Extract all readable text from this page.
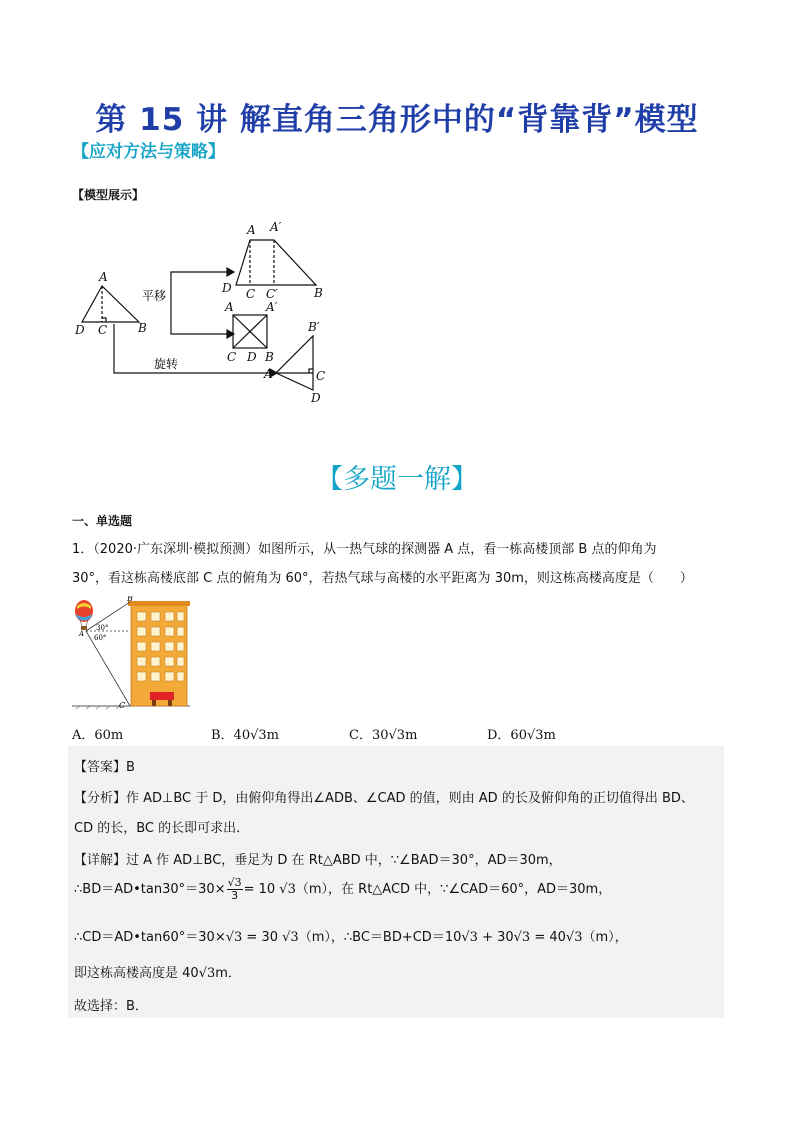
第 15 讲 解直角三角形中的“背靠背”模型
【应对方法与策略】
【模型展示】
A
D C	B
A A′
D C C′	B
A	A′
C D B
B′
A	C
D
平移
旋转
【多题一解】
一、单选题
1．（2020·广东深圳·模拟预测）如图所示，从一热气球的探测器 A 点，看一栋高楼顶部 B 点的仰角为
30°，看这栋高楼底部 C 点的俯角为 60°，若热气球与高楼的水平距离为 30m，则这栋高楼高度是（　　）
B
A
C
30°
60°
A．60m	B．40√3m	C．30√3m	D．60√3m
【答案】B
【分析】作 AD⊥BC 于 D，由俯仰角得出∠ADB、∠CAD 的值，则由 AD 的长及俯仰角的正切值得出 BD、
CD 的长，BC 的长即可求出．
【详解】过 A 作 AD⊥BC，垂足为 D 在 Rt△ABD 中，∵∠BAD＝30°，AD＝30m，
∴BD＝AD•tan30°＝30× $\frac{√3}{3} = 10$ √3（m），在 Rt△ACD 中，∵∠CAD＝60°，AD＝30m，
∴CD＝AD•tan60°＝30×√3 = 30 √3（m），∴BC＝BD+CD＝10√3 + 30√3 = 40√3（m），
即这栋高楼高度是 40√3m．
故选择：B．
